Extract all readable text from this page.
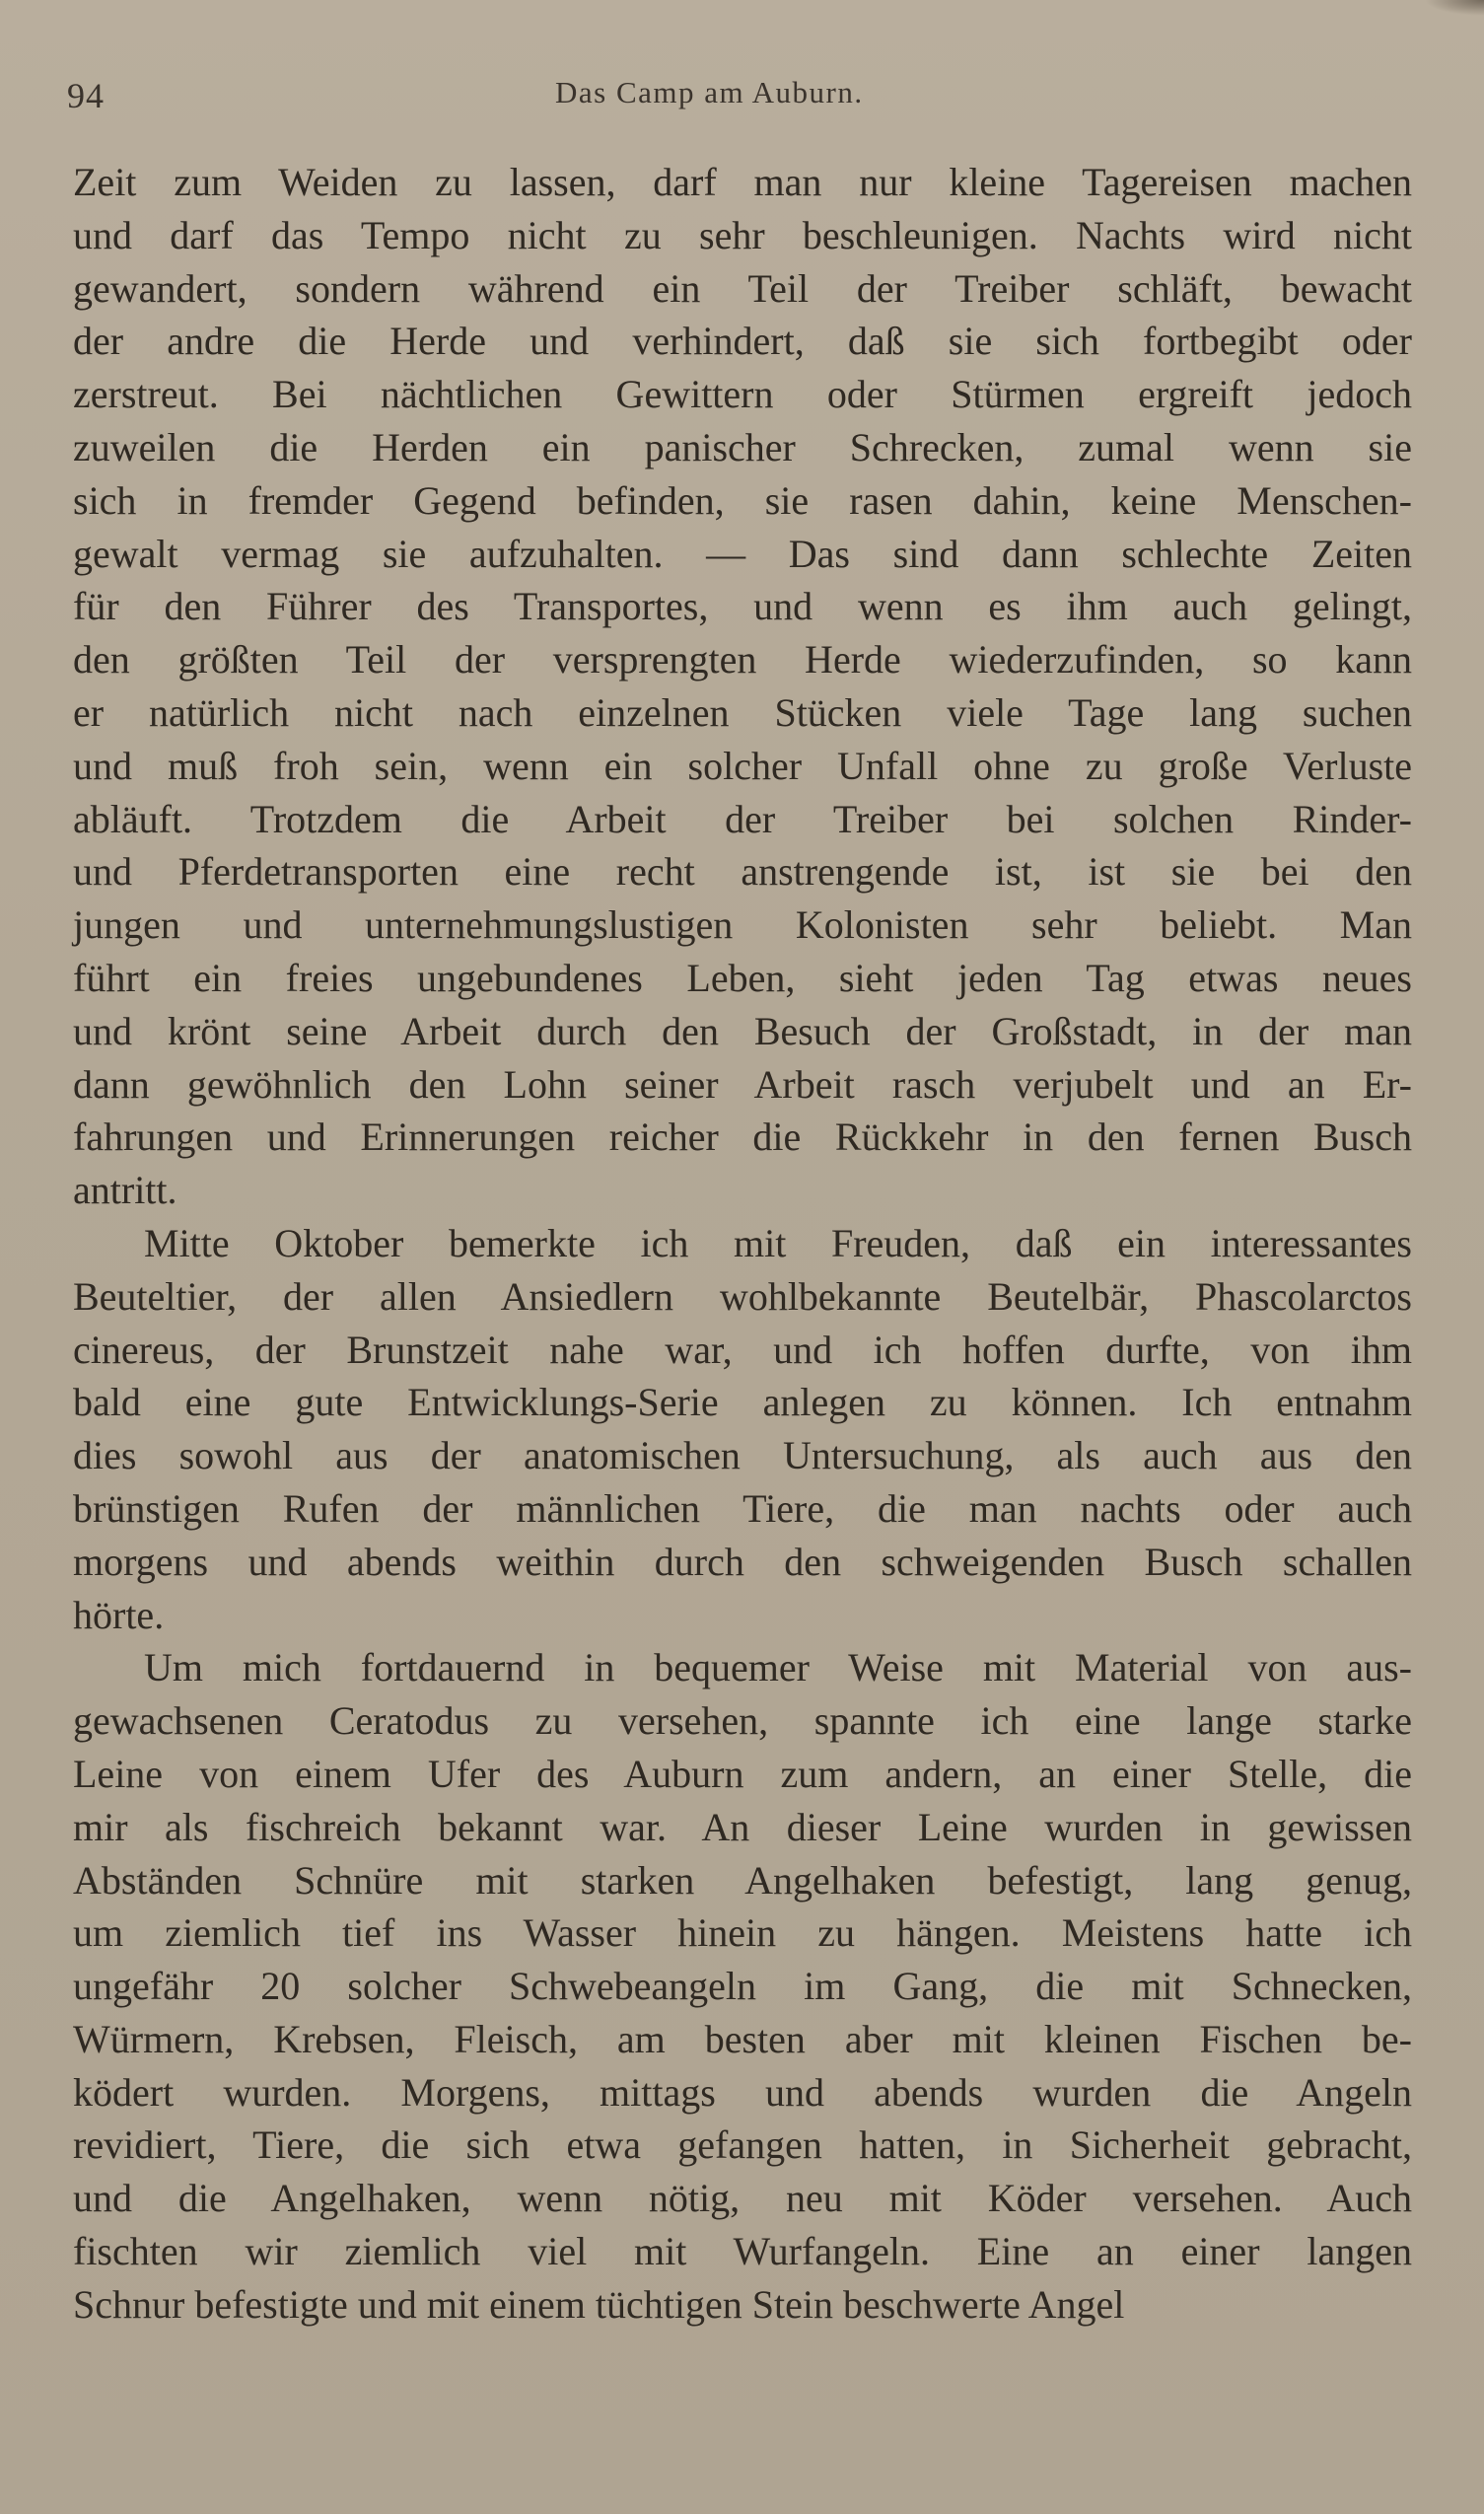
94	Das Camp am Auburn.
Zeit zum Weiden zu lassen, darf man nur kleine Tagereisen machen
und darf das Tempo nicht zu sehr beschleunigen. Nachts wird nicht
gewandert, sondern während ein Teil der Treiber schläft, bewacht
der andre die Herde und verhindert, daß sie sich fortbegibt oder
zerstreut. Bei nächtlichen Gewittern oder Stürmen ergreift jedoch
zuweilen die Herden ein panischer Schrecken, zumal wenn sie
sich in fremder Gegend befinden, sie rasen dahin, keine Menschen-
gewalt vermag sie aufzuhalten. — Das sind dann schlechte Zeiten
für den Führer des Transportes, und wenn es ihm auch gelingt,
den größten Teil der versprengten Herde wiederzufinden, so kann
er natürlich nicht nach einzelnen Stücken viele Tage lang suchen
und muß froh sein, wenn ein solcher Unfall ohne zu große Verluste
abläuft. Trotzdem die Arbeit der Treiber bei solchen Rinder-
und Pferdetransporten eine recht anstrengende ist, ist sie bei den
jungen und unternehmungslustigen Kolonisten sehr beliebt. Man
führt ein freies ungebundenes Leben, sieht jeden Tag etwas neues
und krönt seine Arbeit durch den Besuch der Großstadt, in der man
dann gewöhnlich den Lohn seiner Arbeit rasch verjubelt und an Er-
fahrungen und Erinnerungen reicher die Rückkehr in den fernen Busch
antritt.
Mitte Oktober bemerkte ich mit Freuden, daß ein interessantes
Beuteltier, der allen Ansiedlern wohlbekannte Beutelbär, Phascolarctos
cinereus, der Brunstzeit nahe war, und ich hoffen durfte, von ihm
bald eine gute Entwicklungs-Serie anlegen zu können. Ich entnahm
dies sowohl aus der anatomischen Untersuchung, als auch aus den
brünstigen Rufen der männlichen Tiere, die man nachts oder auch
morgens und abends weithin durch den schweigenden Busch schallen
hörte.
Um mich fortdauernd in bequemer Weise mit Material von aus-
gewachsenen Ceratodus zu versehen, spannte ich eine lange starke
Leine von einem Ufer des Auburn zum andern, an einer Stelle, die
mir als fischreich bekannt war. An dieser Leine wurden in gewissen
Abständen Schnüre mit starken Angelhaken befestigt, lang genug,
um ziemlich tief ins Wasser hinein zu hängen. Meistens hatte ich
ungefähr 20 solcher Schwebeangeln im Gang, die mit Schnecken,
Würmern, Krebsen, Fleisch, am besten aber mit kleinen Fischen be-
ködert wurden. Morgens, mittags und abends wurden die Angeln
revidiert, Tiere, die sich etwa gefangen hatten, in Sicherheit gebracht,
und die Angelhaken, wenn nötig, neu mit Köder versehen. Auch
fischten wir ziemlich viel mit Wurfangeln. Eine an einer langen
Schnur befestigte und mit einem tüchtigen Stein beschwerte Angel
